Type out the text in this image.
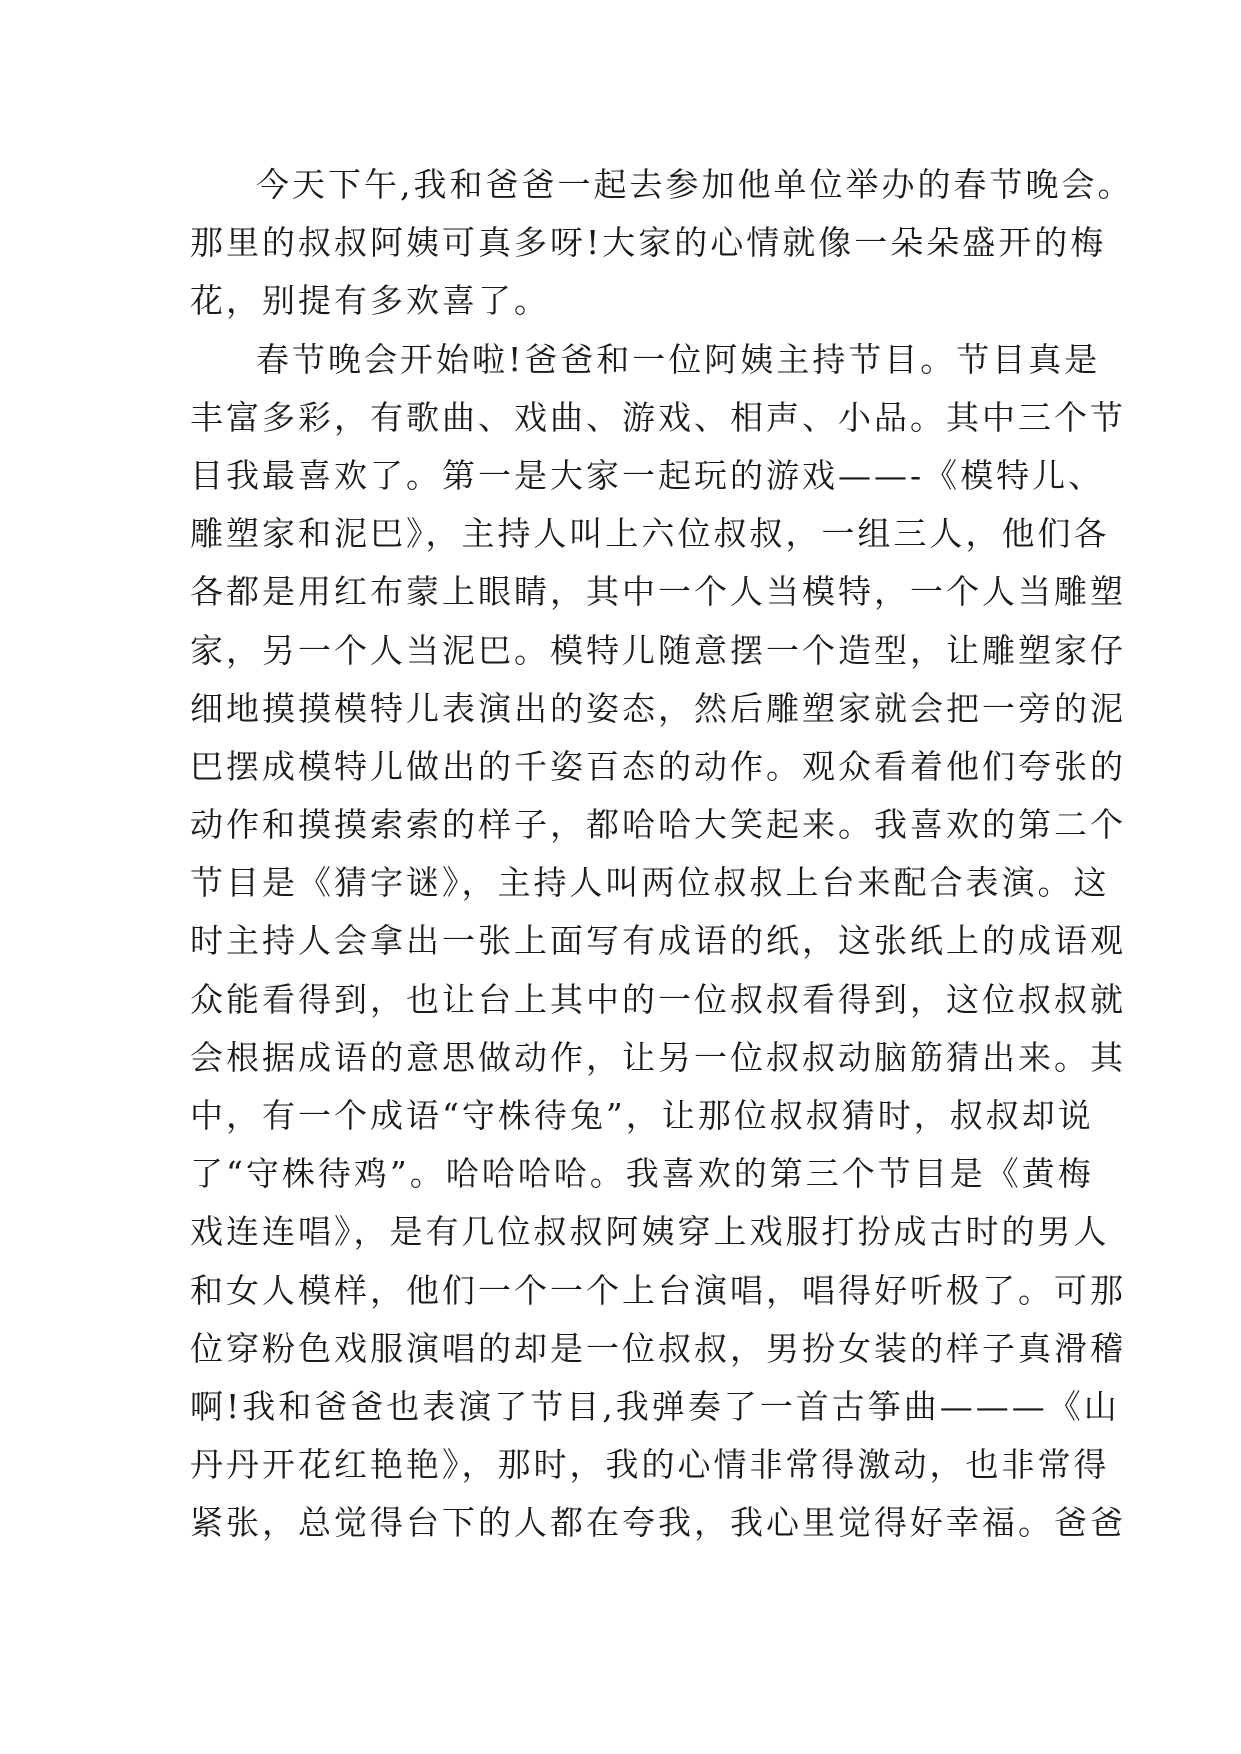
今天下午,我和爸爸一起去参加他单位举办的春节晚会。
那里的叔叔阿姨可真多呀!大家的心情就像一朵朵盛开的梅
花，别提有多欢喜了。
春节晚会开始啦!爸爸和一位阿姨主持节目。节目真是
丰富多彩，有歌曲、戏曲、游戏、相声、小品。其中三个节
目我最喜欢了。第一是大家一起玩的游戏——-《模特儿、
雕塑家和泥巴》，主持人叫上六位叔叔，一组三人，他们各
各都是用红布蒙上眼睛，其中一个人当模特，一个人当雕塑
家，另一个人当泥巴。模特儿随意摆一个造型，让雕塑家仔
细地摸摸模特儿表演出的姿态，然后雕塑家就会把一旁的泥
巴摆成模特儿做出的千姿百态的动作。观众看着他们夸张的
动作和摸摸索索的样子，都哈哈大笑起来。我喜欢的第二个
节目是《猜字谜》，主持人叫两位叔叔上台来配合表演。这
时主持人会拿出一张上面写有成语的纸，这张纸上的成语观
众能看得到，也让台上其中的一位叔叔看得到，这位叔叔就
会根据成语的意思做动作，让另一位叔叔动脑筋猜出来。其
中，有一个成语“守株待兔”，让那位叔叔猜时，叔叔却说
了“守株待鸡”。哈哈哈哈。我喜欢的第三个节目是《黄梅
戏连连唱》，是有几位叔叔阿姨穿上戏服打扮成古时的男人
和女人模样，他们一个一个上台演唱，唱得好听极了。可那
位穿粉色戏服演唱的却是一位叔叔，男扮女装的样子真滑稽
啊!我和爸爸也表演了节目,我弹奏了一首古筝曲———《山
丹丹开花红艳艳》，那时，我的心情非常得激动，也非常得
紧张，总觉得台下的人都在夸我，我心里觉得好幸福。爸爸
